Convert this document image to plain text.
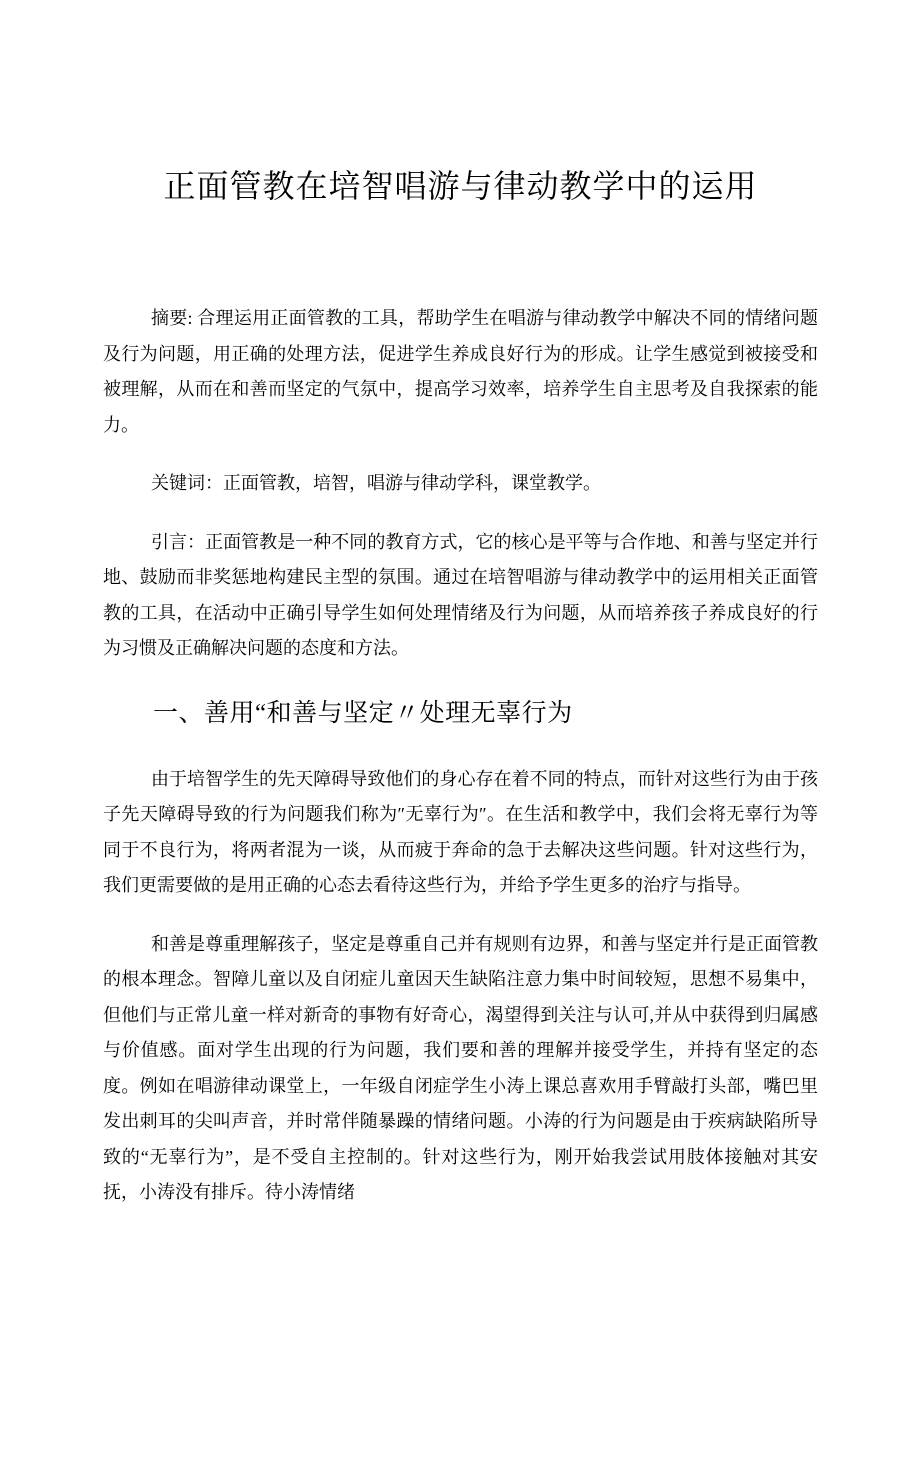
正面管教在培智唱游与律动教学中的运用

摘要: 合理运用正面管教的工具，帮助学生在唱游与律动教学中解决不同的情绪问题及行为问题，用正确的处理方法，促进学生养成良好行为的形成。让学生感觉到被接受和被理解，从而在和善而坚定的气氛中，提高学习效率，培养学生自主思考及自我探索的能力。

关键词：正面管教，培智，唱游与律动学科，课堂教学。

引言：正面管教是一种不同的教育方式，它的核心是平等与合作地、和善与坚定并行地、鼓励而非奖惩地构建民主型的氛围。通过在培智唱游与律动教学中的运用相关正面管教的工具，在活动中正确引导学生如何处理情绪及行为问题，从而培养孩子养成良好的行为习惯及正确解决问题的态度和方法。

一、善用“和善与坚定〃处理无辜行为

由于培智学生的先天障碍导致他们的身心存在着不同的特点，而针对这些行为由于孩子先天障碍导致的行为问题我们称为″无辜行为″。在生活和教学中，我们会将无辜行为等同于不良行为，将两者混为一谈，从而疲于奔命的急于去解决这些问题。针对这些行为，我们更需要做的是用正确的心态去看待这些行为，并给予学生更多的治疗与指导。

和善是尊重理解孩子，坚定是尊重自己并有规则有边界，和善与坚定并行是正面管教的根本理念。智障儿童以及自闭症儿童因天生缺陷注意力集中时间较短，思想不易集中，但他们与正常儿童一样对新奇的事物有好奇心，渴望得到关注与认可,并从中获得到归属感与价值感。面对学生出现的行为问题，我们要和善的理解并接受学生，并持有坚定的态度。例如在唱游律动课堂上，一年级自闭症学生小涛上课总喜欢用手臂敲打头部，嘴巴里发出刺耳的尖叫声音，并时常伴随暴躁的情绪问题。小涛的行为问题是由于疾病缺陷所导致的“无辜行为”，是不受自主控制的。针对这些行为，刚开始我尝试用肢体接触对其安抚，小涛没有排斥。待小涛情绪
